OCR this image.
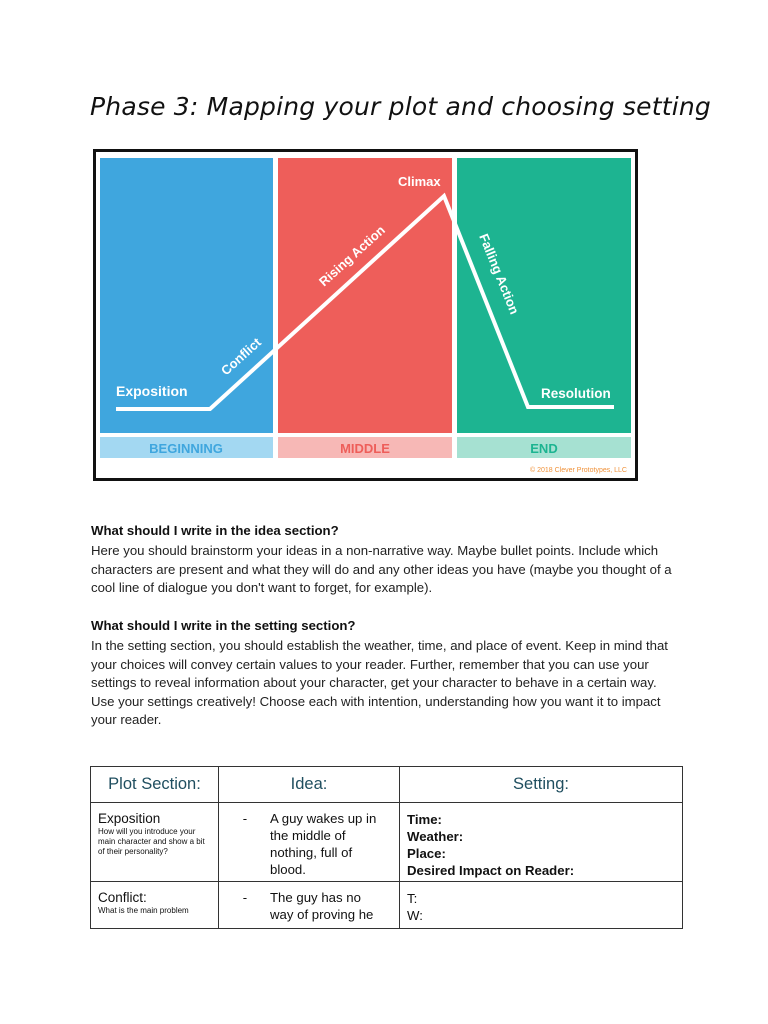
Phase 3: Mapping your plot and choosing setting
BEGINNING	MIDDLE	END
Exposition
Conflict
Rising Action
Climax
Falling Action
Resolution
© 2018 Clever Prototypes, LLC

What should I write in the idea section?

Here you should brainstorm your ideas in a non-narrative way. Maybe bullet points. Include which characters are present and what they will do and any other ideas you have (maybe you thought of a cool line of dialogue you don't want to forget, for example).

What should I write in the setting section?

In the setting section, you should establish the weather, time, and place of event. Keep in mind that your choices will convey certain values to your reader. Further, remember that you can use your settings to reveal information about your character, get your character to behave in a certain way. Use your settings creatively! Choose each with intention, understanding how you want it to impact your reader.

Plot Section:	Idea:	Setting:

Exposition
How will you introduce your main character and show a bit of their personality?	- A guy wakes up in the middle of nothing, full of blood.	Time:
Weather:
Place:
Desired Impact on Reader:

Conflict:
What is the main problem	- The guy has no way of proving he	T:
W:
